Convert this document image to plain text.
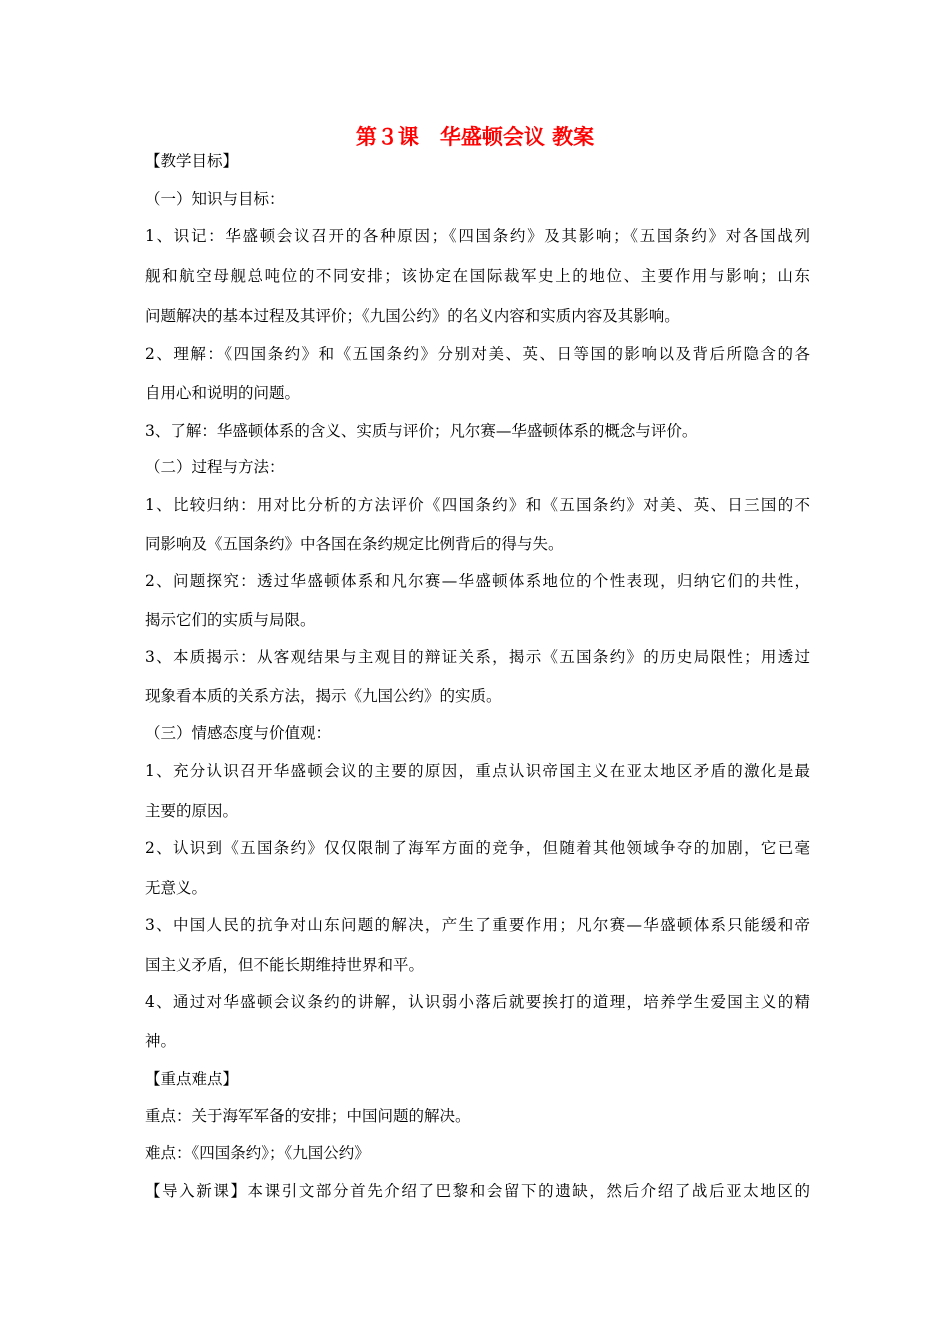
第３课　华盛顿会议 教案
【教学目标】
（一）知识与目标：
1、识记：华盛顿会议召开的各种原因；《四国条约》及其影响；《五国条约》对各国战列
舰和航空母舰总吨位的不同安排；该协定在国际裁军史上的地位、主要作用与影响；山东
问题解决的基本过程及其评价；《九国公约》的名义内容和实质内容及其影响。
2、理解：《四国条约》和《五国条约》分别对美、英、日等国的影响以及背后所隐含的各
自用心和说明的问题。
3、了解：华盛顿体系的含义、实质与评价；凡尔赛—华盛顿体系的概念与评价。
（二）过程与方法：
1、比较归纳：用对比分析的方法评价《四国条约》和《五国条约》对美、英、日三国的不
同影响及《五国条约》中各国在条约规定比例背后的得与失。
2、问题探究：透过华盛顿体系和凡尔赛—华盛顿体系地位的个性表现，归纳它们的共性，
揭示它们的实质与局限。
3、本质揭示：从客观结果与主观目的辩证关系，揭示《五国条约》的历史局限性；用透过
现象看本质的关系方法，揭示《九国公约》的实质。
（三）情感态度与价值观：
1、充分认识召开华盛顿会议的主要的原因，重点认识帝国主义在亚太地区矛盾的激化是最
主要的原因。
2、认识到《五国条约》仅仅限制了海军方面的竞争，但随着其他领域争夺的加剧，它已毫
无意义。
3、中国人民的抗争对山东问题的解决，产生了重要作用；凡尔赛—华盛顿体系只能缓和帝
国主义矛盾，但不能长期维持世界和平。
4、通过对华盛顿会议条约的讲解，认识弱小落后就要挨打的道理，培养学生爱国主义的精
神。
【重点难点】
重点：关于海军军备的安排；中国问题的解决。
难点：《四国条约》；《九国公约》
【导入新课】本课引文部分首先介绍了巴黎和会留下的遗缺，然后介绍了战后亚太地区的
